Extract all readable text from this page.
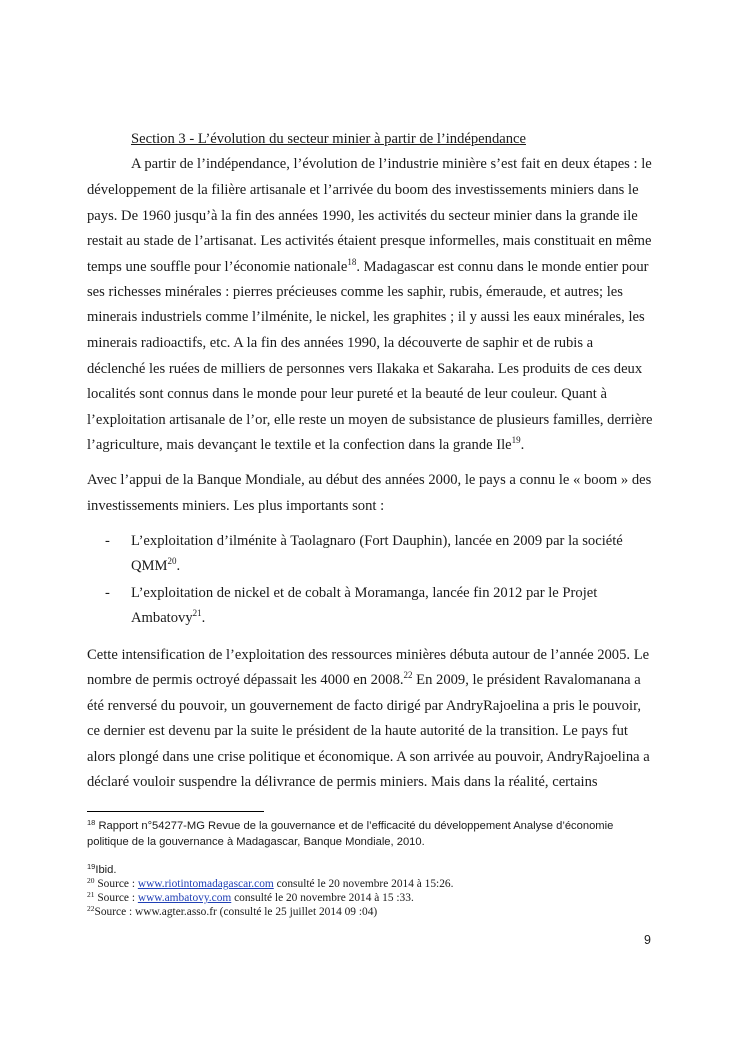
Section 3 - L’évolution du secteur minier à partir de l’indépendance
A partir de l’indépendance, l’évolution de l’industrie minière s’est fait en deux étapes : le
développement de la filière artisanale et l’arrivée du boom des investissements miniers dans le
pays. De 1960 jusqu’à la fin des années 1990, les activités du secteur minier dans la grande ile
restait au stade de l’artisanat. Les activités étaient presque informelles, mais constituait en même
temps une souffle pour l’économie nationale$^{18}$. Madagascar est connu dans le monde entier pour
ses richesses minérales : pierres précieuses comme les saphir, rubis, émeraude, et autres; les
minerais industriels comme l’ilménite, le nickel, les graphites ; il y aussi les eaux minérales, les
minerais radioactifs, etc. A la fin des années 1990, la découverte de saphir et de rubis a
déclenché les ruées de milliers de personnes vers Ilakaka et Sakaraha. Les produits de ces deux
localités sont connus dans le monde pour leur pureté et la beauté de leur couleur. Quant à
l’exploitation artisanale de l’or, elle reste un moyen de subsistance de plusieurs familles, derrière
l’agriculture, mais devançant le textile et la confection dans la grande Ile$^{19}$.
Avec l’appui de la Banque Mondiale, au début des années 2000, le pays a connu le « boom » des
investissements miniers. Les plus importants sont :
- L’exploitation d’ilménite à Taolagnaro (Fort Dauphin), lancée en 2009 par la société
QMM$^{20}$.
- L’exploitation de nickel et de cobalt à Moramanga, lancée fin 2012 par le Projet
Ambatovy$^{21}$.
Cette intensification de l’exploitation des ressources minières débuta autour de l’année 2005. Le
nombre de permis octroyé dépassait les 4000 en 2008.22 En 2009, le président Ravalomanana a
été renversé du pouvoir, un gouvernement de facto dirigé par AndryRajoelina a pris le pouvoir,
ce dernier est devenu par la suite le président de la haute autorité de la transition. Le pays fut
alors plongé dans une crise politique et économique. A son arrivée au pouvoir, AndryRajoelina a
déclaré vouloir suspendre la délivrance de permis miniers. Mais dans la réalité, certains
$^{18}$ Rapport n°54277-MG Revue de la gouvernance et de l’efficacité du développement Analyse d’économie
politique de la gouvernance à Madagascar, Banque Mondiale, 2010.
$^{19}$Ibid.
$^{20}$ Source : www.riotintomadagascar.com consulté le 20 novembre 2014 à 15:26.
$^{21}$ Source : www.ambatovy.com consulté le 20 novembre 2014 à 15 :33.
$^{22}$Source : www.agter.asso.fr (consulté le 25 juillet 2014 09 :04)
9
